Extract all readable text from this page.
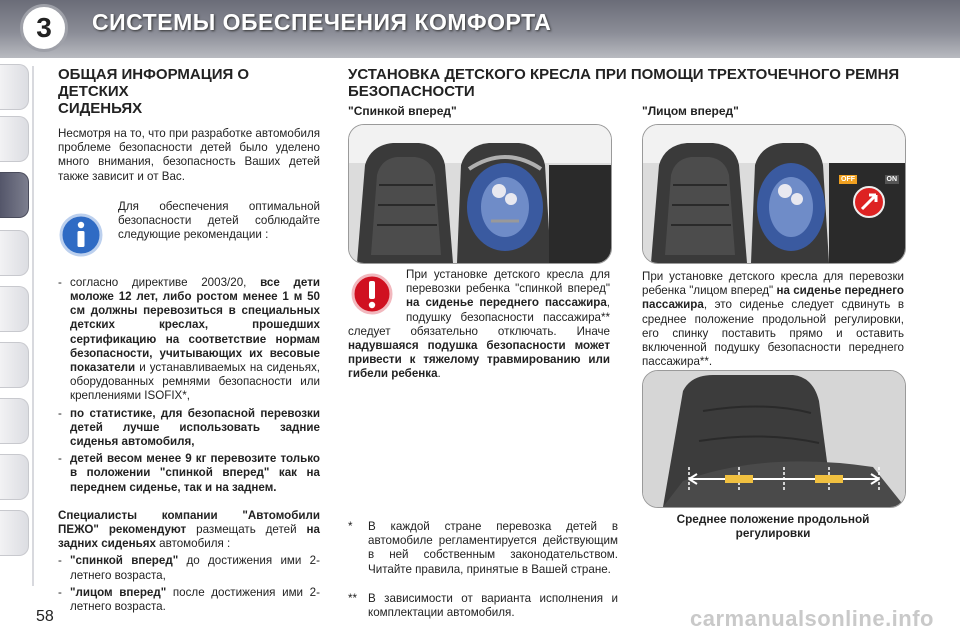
3	СИСТЕМЫ ОБЕСПЕЧЕНИЯ КОМФОРТА
ОБЩАЯ ИНФОРМАЦИЯ О ДЕТСКИХ
СИДЕНЬЯХ

Несмотря на то, что при разработке автомобиля проблеме безопасности детей было уделено много внимания, безопасность Ваших детей также зависит и от Вас.

Для обеспечения оптимальной безопасности детей соблюдайте следующие рекомендации :

- согласно директиве 2003/20, все дети моложе 12 лет, либо ростом менее 1 м 50 см должны перевозиться в специальных детских креслах, прошедших сертификацию на соответствие нормам безопасности, учитывающих их весовые показатели и устанавливаемых на сиденьях, оборудованных ремнями безопасности или креплениями ISOFIX*,
- по статистике, для безопасной перевозки детей лучше использовать задние сиденья автомобиля,
- детей весом менее 9 кг перевозите только в положении "спинкой вперед" как на переднем сиденье, так и на заднем.

Специалисты компании "Автомобили ПЕЖО" рекомендуют размещать детей на задних сиденьях автомобиля :

- "спинкой вперед" до достижения ими 2-летнего возраста,
- "лицом вперед" после достижения ими 2-летнего возраста.
УСТАНОВКА ДЕТСКОГО КРЕСЛА ПРИ ПОМОЩИ ТРЕХТОЧЕЧНОГО РЕМНЯ
БЕЗОПАСНОСТИ
"Спинкой вперед"	"Лицом вперед"
OFF	ON

При установке детского кресла для перевозки ребенка "спинкой вперед" на сиденье переднего пассажира, подушку безопасности пассажира** следует обязательно отключать. Иначе надувшаяся подушка безопасности может привести к тяжелому травмированию или гибели ребенка.

При установке детского кресла для перевозки ребенка "лицом вперед" на сиденье переднего пассажира, это сиденье следует сдвинуть в среднее положение продольной регулировки, его спинку поставить прямо и оставить включенной подушку безопасности переднего пассажира**.

Среднее положение продольной регулировки
*	В каждой стране перевозка детей в автомобиле регламентируется действующим в ней собственным законодательством. Читайте правила, принятые в Вашей стране.
** В зависимости от варианта исполнения и комплектации автомобиля.
58	carmanualsonline.info
